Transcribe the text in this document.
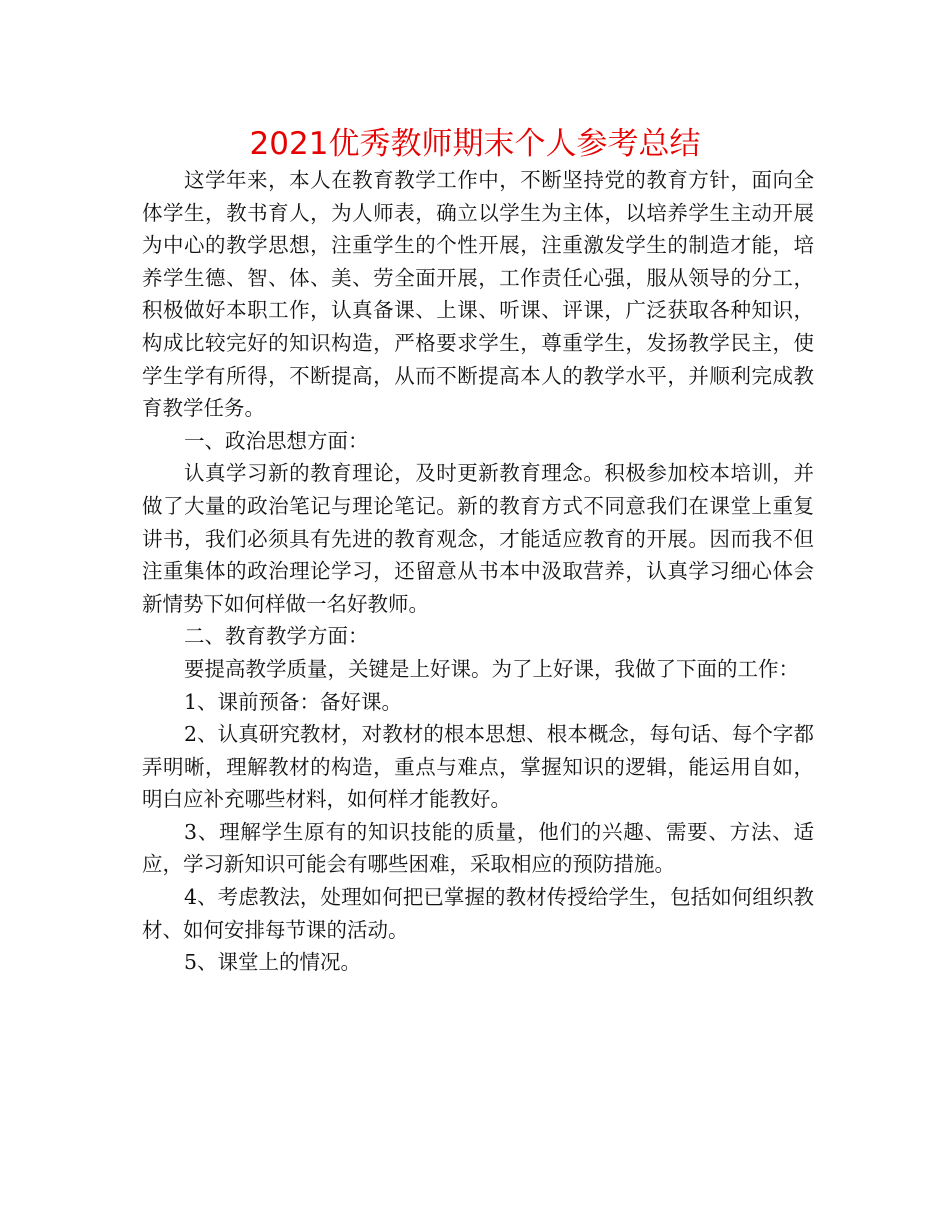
2021优秀教师期末个人参考总结

这学年来，本人在教育教学工作中，不断坚持党的教育方针，面向全体学生，教书育人，为人师表，确立以学生为主体，以培养学生主动开展为中心的教学思想，注重学生的个性开展，注重激发学生的制造才能，培养学生德、智、体、美、劳全面开展，工作责任心强，服从领导的分工，积极做好本职工作，认真备课、上课、听课、评课，广泛获取各种知识，构成比较完好的知识构造，严格要求学生，尊重学生，发扬教学民主，使学生学有所得，不断提高，从而不断提高本人的教学水平，并顺利完成教育教学任务。

一、政治思想方面：

认真学习新的教育理论，及时更新教育理念。积极参加校本培训，并做了大量的政治笔记与理论笔记。新的教育方式不同意我们在课堂上重复讲书，我们必须具有先进的教育观念，才能适应教育的开展。因而我不但注重集体的政治理论学习，还留意从书本中汲取营养，认真学习细心体会新情势下如何样做一名好教师。

二、教育教学方面：

要提高教学质量，关键是上好课。为了上好课，我做了下面的工作：

1、课前预备：备好课。

2、认真研究教材，对教材的根本思想、根本概念，每句话、每个字都弄明晰，理解教材的构造，重点与难点，掌握知识的逻辑，能运用自如，明白应补充哪些材料，如何样才能教好。

3、理解学生原有的知识技能的质量，他们的兴趣、需要、方法、适应，学习新知识可能会有哪些困难，采取相应的预防措施。

4、考虑教法，处理如何把已掌握的教材传授给学生，包括如何组织教材、如何安排每节课的活动。

5、课堂上的情况。
